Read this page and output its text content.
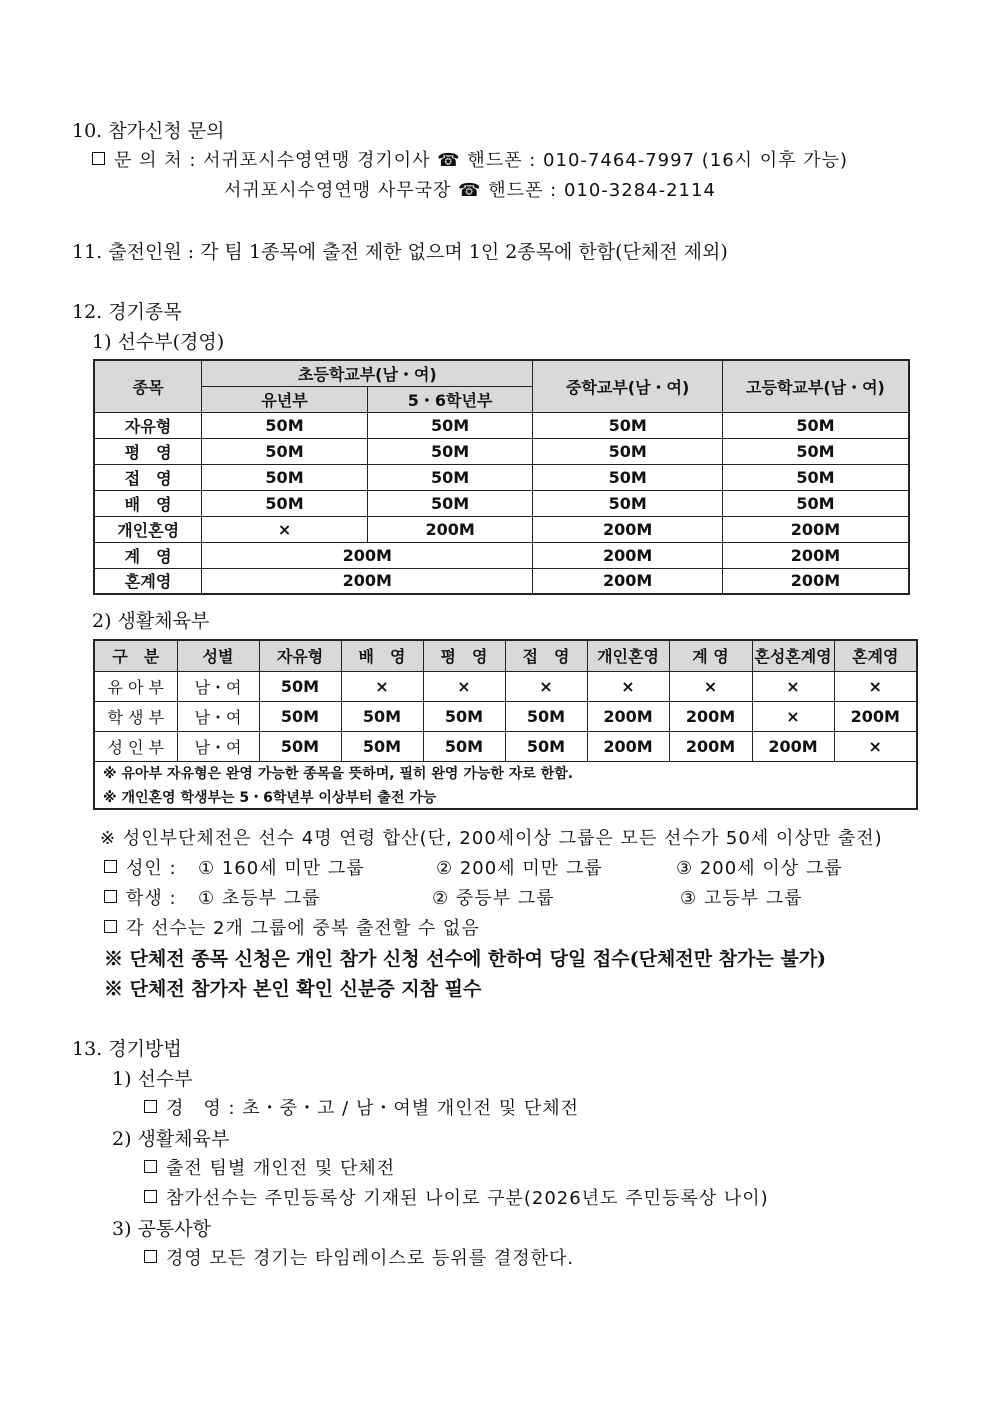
10. 참가신청 문의
문 의 처 : 서귀포시수영연맹 경기이사 ☎ 핸드폰 : 010-7464-7997 (16시 이후 가능)
서귀포시수영연맹 사무국장 ☎ 핸드폰 : 010-3284-2114
11. 출전인원 : 각 팀 1종목에 출전 제한 없으며 1인 2종목에 한함(단체전 제외)
12. 경기종목
1) 선수부(경영)
종목	초등학교부(남・여)		중학교부(남・여)	고등학교부(남・여)
	유년부	5・6학년부		
자유형	50M	50M	50M	50M
평　영	50M	50M	50M	50M
접　영	50M	50M	50M	50M
배　영	50M	50M	50M	50M
개인혼영	×	200M	200M	200M
계　영	200M		200M	200M
혼계영	200M		200M	200M
2) 생활체육부
구　분	성별	자유형	배　영	평　영	접　영	개인혼영	계 영	혼성혼계영	혼계영
유 아 부	남・여	50M	×	×	×	×	×	×	×
학 생 부	남・여	50M	50M	50M	50M	200M	200M	×	200M
성 인 부	남・여	50M	50M	50M	50M	200M	200M	200M	×
※ 유아부 자유형은 완영 가능한 종목을 뜻하며, 필히 완영 가능한 자로 한함.									
※ 개인혼영 학생부는 5・6학년부 이상부터 출전 가능									
※ 성인부단체전은 선수 4명 연령 합산(단, 200세이상 그룹은 모든 선수가 50세 이상만 출전)
성인 : ① 160세 미만 그룹	② 200세 미만 그룹	③ 200세 이상 그룹
학생 : ① 초등부 그룹	② 중등부 그룹	③ 고등부 그룹
각 선수는 2개 그룹에 중복 출전할 수 없음
※ 단체전 종목 신청은 개인 참가 신청 선수에 한하여 당일 접수(단체전만 참가는 불가)
※ 단체전 참가자 본인 확인 신분증 지참 필수
13. 경기방법
1) 선수부
경　영 : 초・중・고 / 남・여별 개인전 및 단체전
2) 생활체육부
출전 팀별 개인전 및 단체전
참가선수는 주민등록상 기재된 나이로 구분(2026년도 주민등록상 나이)
3) 공통사항
경영 모든 경기는 타임레이스로 등위를 결정한다.
